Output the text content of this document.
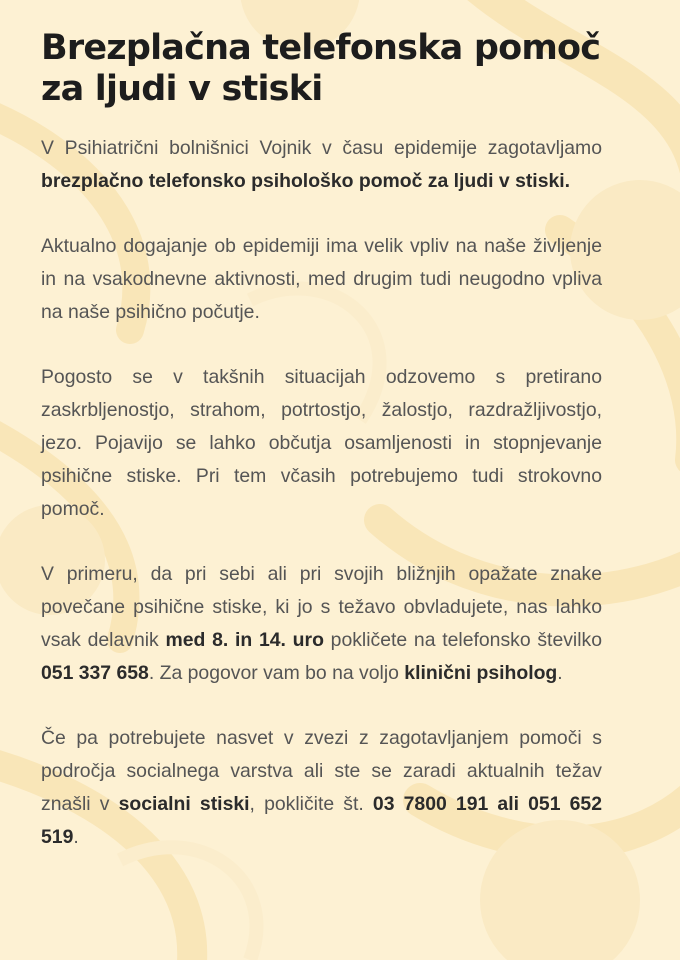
Brezplačna telefonska pomoč za ljudi v stiski

V Psihiatrični bolnišnici Vojnik v času epidemije zagotavljamo brezplačno telefonsko psihološko pomoč za ljudi v stiski.

Aktualno dogajanje ob epidemiji ima velik vpliv na naše življenje in na vsakodnevne aktivnosti, med drugim tudi neugodno vpliva na naše psihično počutje.

Pogosto se v takšnih situacijah odzovemo s pretirano zaskrbljenostjo, strahom, potrtostjo, žalostjo, razdražljivostjo, jezo. Pojavijo se lahko občutja osamljenosti in stopnjevanje psihične stiske. Pri tem včasih potrebujemo tudi strokovno pomoč.

V primeru, da pri sebi ali pri svojih bližnjih opažate znake povečane psihične stiske, ki jo s težavo obvladujete, nas lahko vsak delavnik med 8. in 14. uro pokličete na telefonsko številko 051 337 658. Za pogovor vam bo na voljo klinični psiholog.

Če pa potrebujete nasvet v zvezi z zagotavljanjem pomoči s področja socialnega varstva ali ste se zaradi aktualnih težav znašli v socialni stiski, pokličite št. 03 7800 191 ali 051 652 519.
